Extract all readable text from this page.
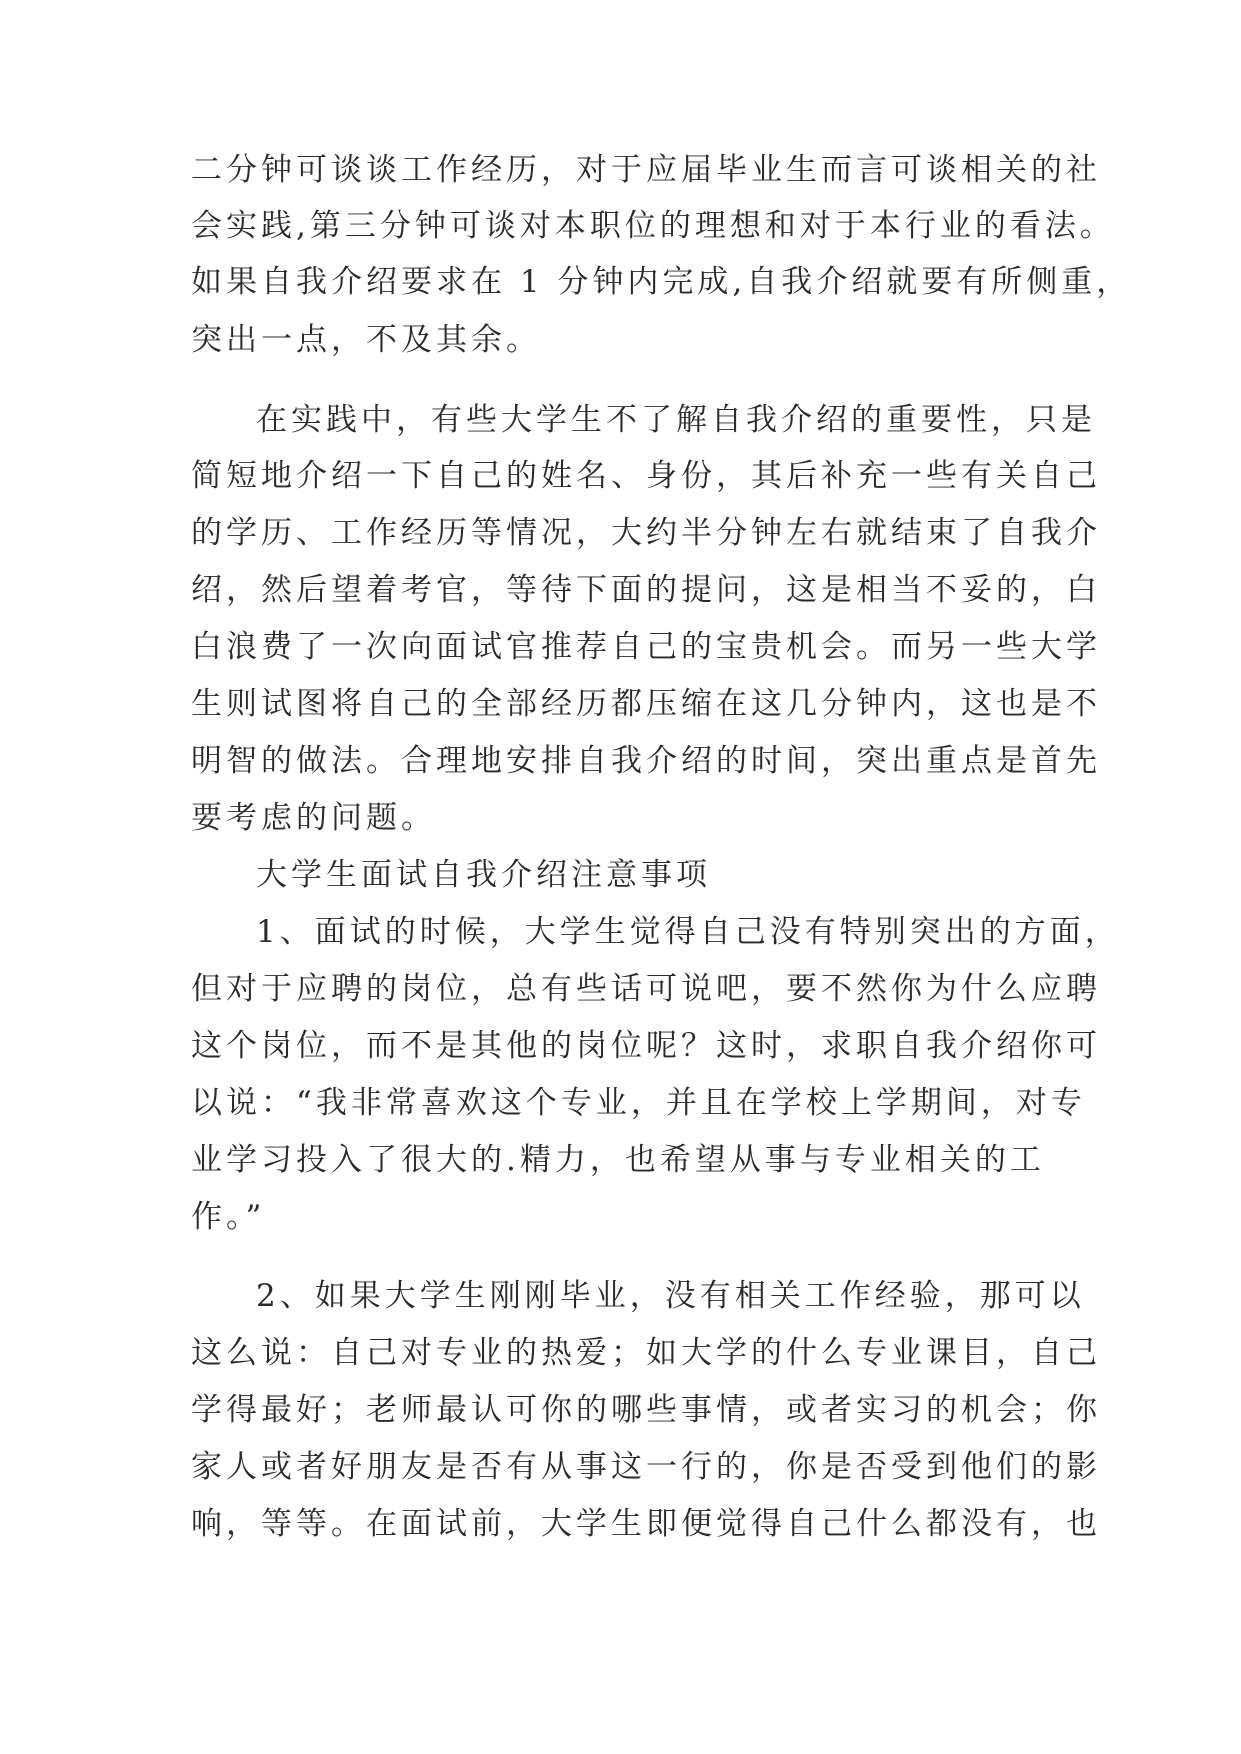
二分钟可谈谈工作经历，对于应届毕业生而言可谈相关的社
会实践,第三分钟可谈对本职位的理想和对于本行业的看法。
如果自我介绍要求在 1 分钟内完成,自我介绍就要有所侧重，
突出一点，不及其余。
在实践中，有些大学生不了解自我介绍的重要性，只是
简短地介绍一下自己的姓名、身份，其后补充一些有关自己
的学历、工作经历等情况，大约半分钟左右就结束了自我介
绍，然后望着考官，等待下面的提问，这是相当不妥的，白
白浪费了一次向面试官推荐自己的宝贵机会。而另一些大学
生则试图将自己的全部经历都压缩在这几分钟内，这也是不
明智的做法。合理地安排自我介绍的时间，突出重点是首先
要考虑的问题。
大学生面试自我介绍注意事项
1、面试的时候，大学生觉得自己没有特别突出的方面，
但对于应聘的岗位，总有些话可说吧，要不然你为什么应聘
这个岗位，而不是其他的岗位呢？这时，求职自我介绍你可
以说：“我非常喜欢这个专业，并且在学校上学期间，对专
业学习投入了很大的.精力，也希望从事与专业相关的工
作。”
2、如果大学生刚刚毕业，没有相关工作经验，那可以
这么说：自己对专业的热爱；如大学的什么专业课目，自己
学得最好；老师最认可你的哪些事情，或者实习的机会；你
家人或者好朋友是否有从事这一行的，你是否受到他们的影
响，等等。在面试前，大学生即便觉得自己什么都没有，也
